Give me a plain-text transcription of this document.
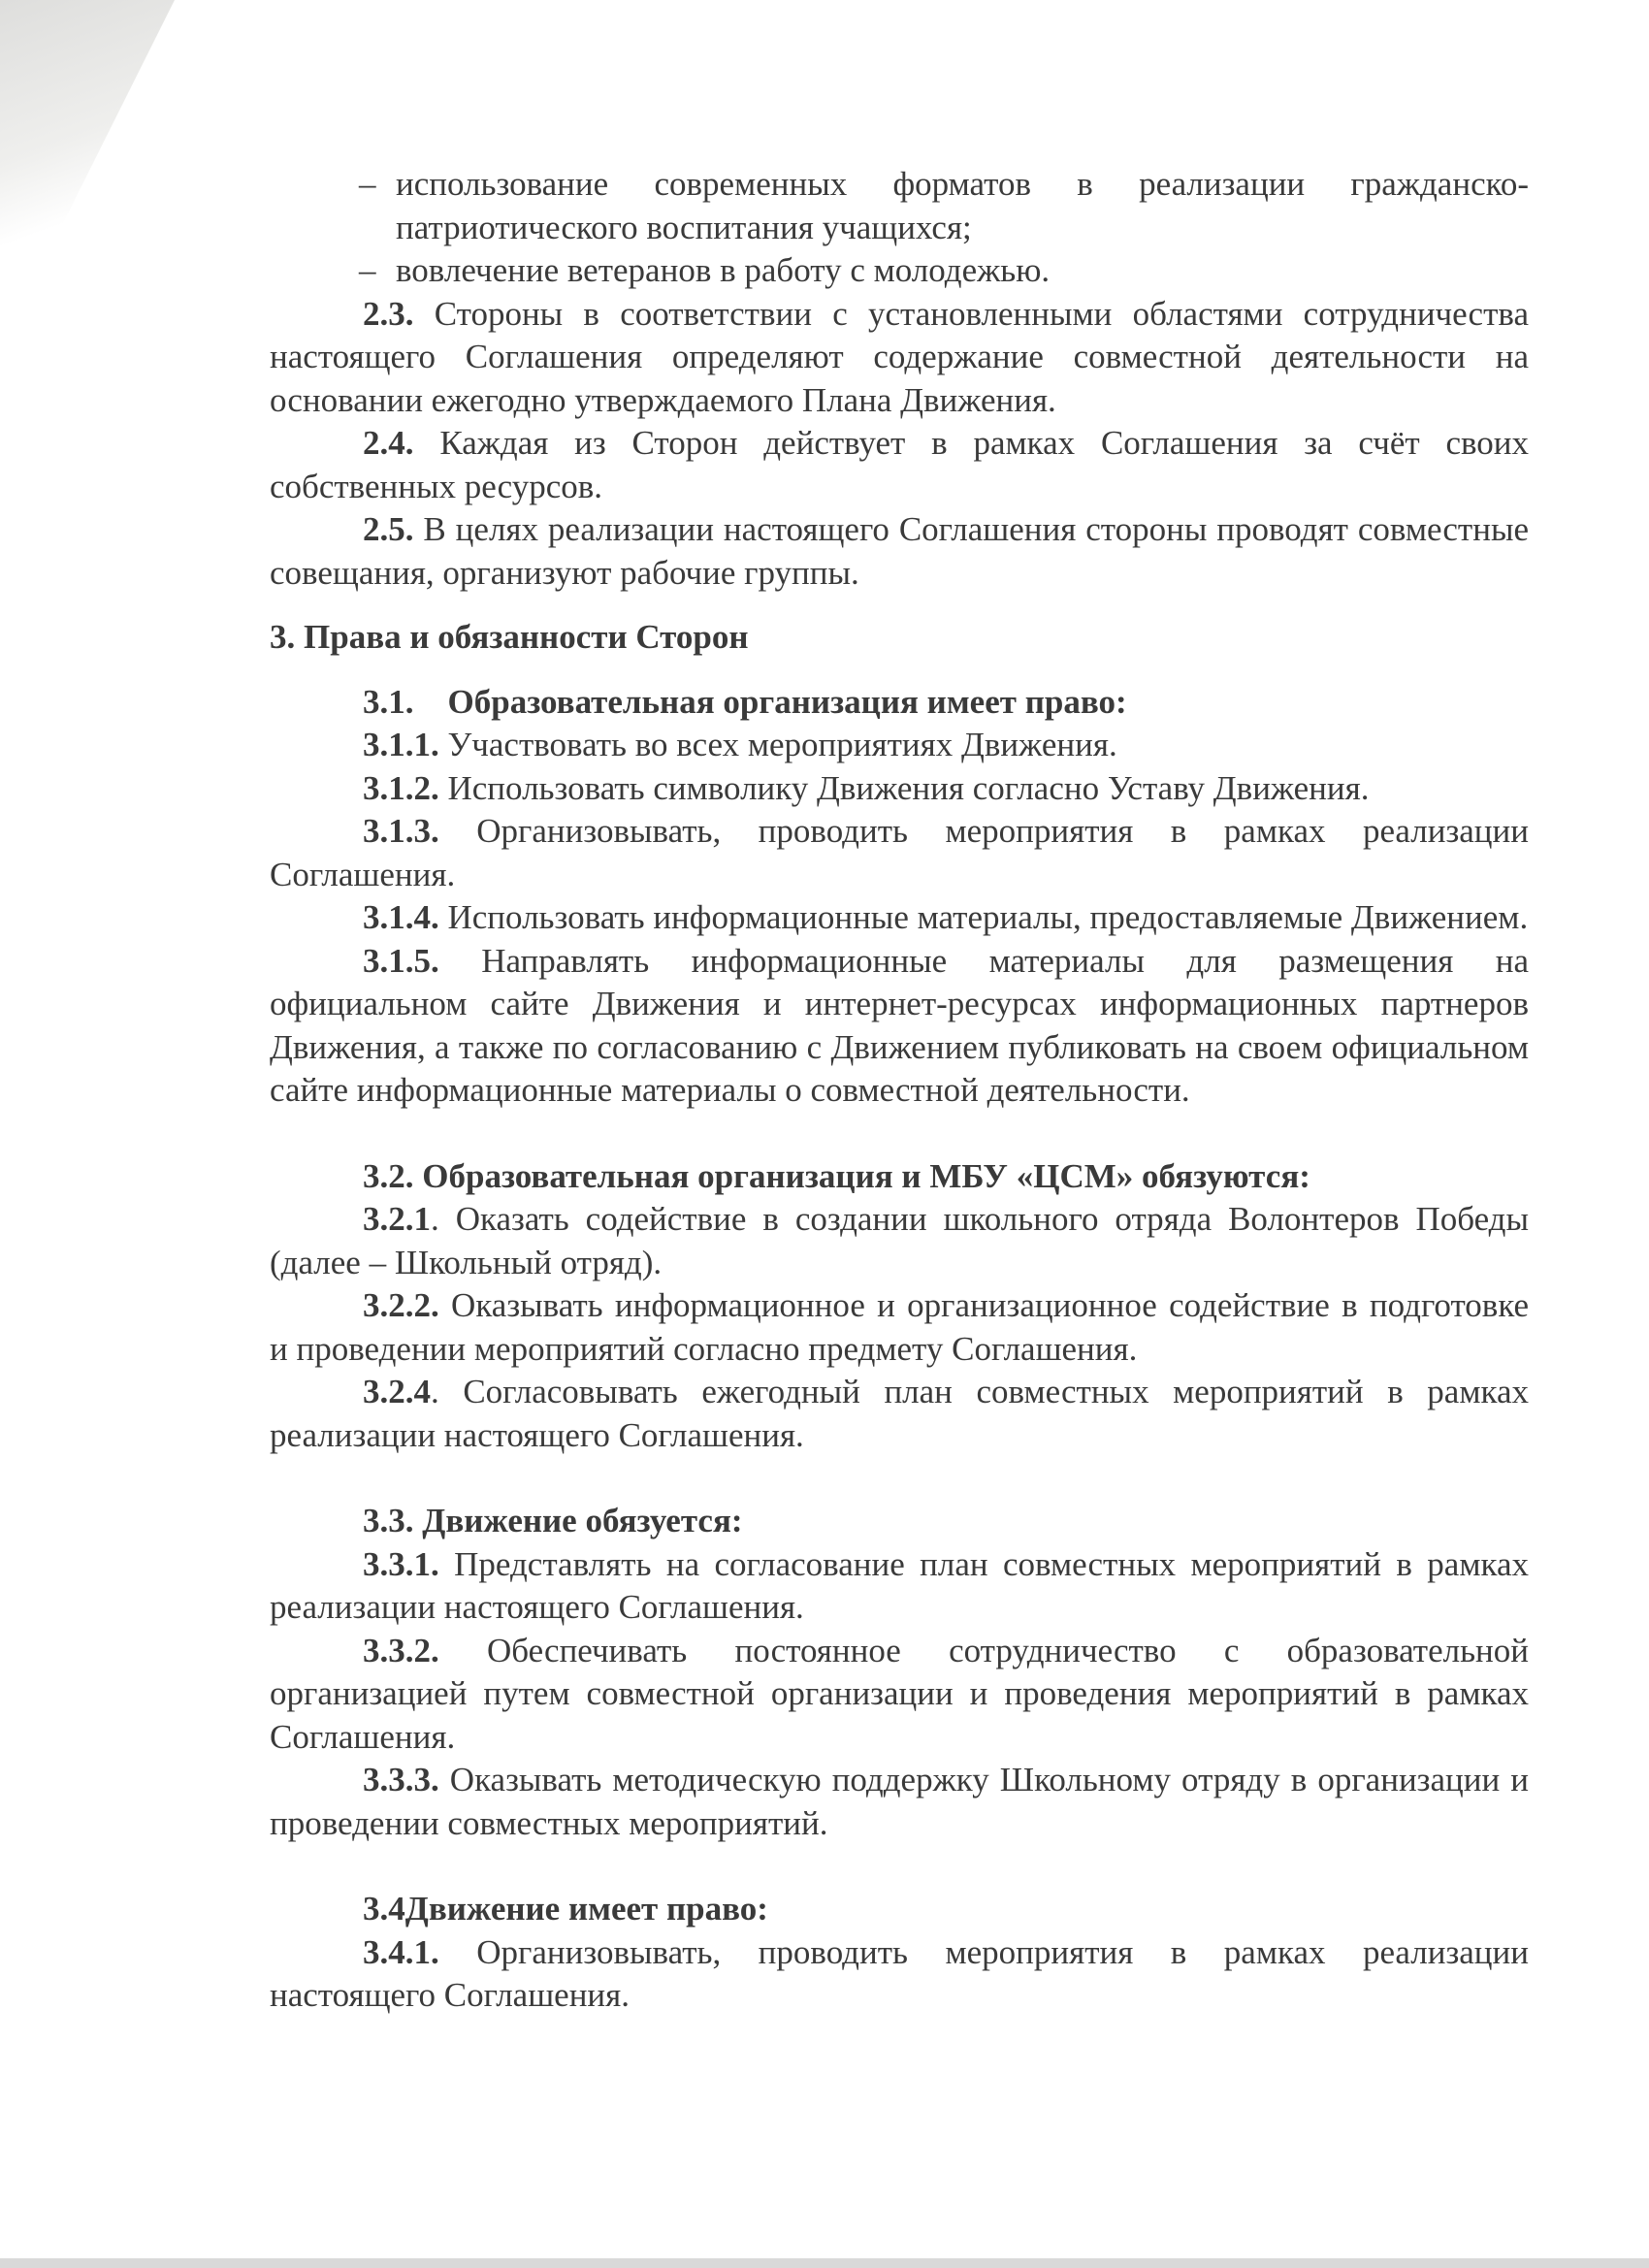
– использование современных форматов в реализации гражданско-патриотического воспитания учащихся;
– вовлечение ветеранов в работу с молодежью.

2.3. Стороны в соответствии с установленными областями сотрудничества настоящего Соглашения определяют содержание совместной деятельности на основании ежегодно утверждаемого Плана Движения.

2.4. Каждая из Сторон действует в рамках Соглашения за счёт своих собственных ресурсов.

2.5. В целях реализации настоящего Соглашения стороны проводят совместные совещания, организуют рабочие группы.

3. Права и обязанности Сторон

3.1.    Образовательная организация имеет право:

3.1.1. Участвовать во всех мероприятиях Движения.

3.1.2. Использовать символику Движения согласно Уставу Движения.

3.1.3. Организовывать, проводить мероприятия в рамках реализации Соглашения.

3.1.4. Использовать информационные материалы, предоставляемые Движением.

3.1.5. Направлять информационные материалы для размещения на официальном сайте Движения и интернет-ресурсах информационных партнеров Движения, а также по согласованию с Движением публиковать на своем официальном сайте информационные материалы о совместной деятельности.

3.2. Образовательная организация и МБУ «ЦСМ» обязуются:

3.2.1. Оказать содействие в создании школьного отряда Волонтеров Победы (далее – Школьный отряд).

3.2.2. Оказывать информационное и организационное содействие в подготовке и проведении мероприятий согласно предмету Соглашения.

3.2.4. Согласовывать ежегодный план совместных мероприятий в рамках реализации настоящего Соглашения.

3.3. Движение обязуется:

3.3.1. Представлять на согласование план совместных мероприятий в рамках реализации настоящего Соглашения.

3.3.2. Обеспечивать постоянное сотрудничество с образовательной организацией путем совместной организации и проведения мероприятий в рамках Соглашения.

3.3.3. Оказывать методическую поддержку Школьному отряду в организации и проведении совместных мероприятий.

3.4Движение имеет право:

3.4.1. Организовывать, проводить мероприятия в рамках реализации настоящего Соглашения.
